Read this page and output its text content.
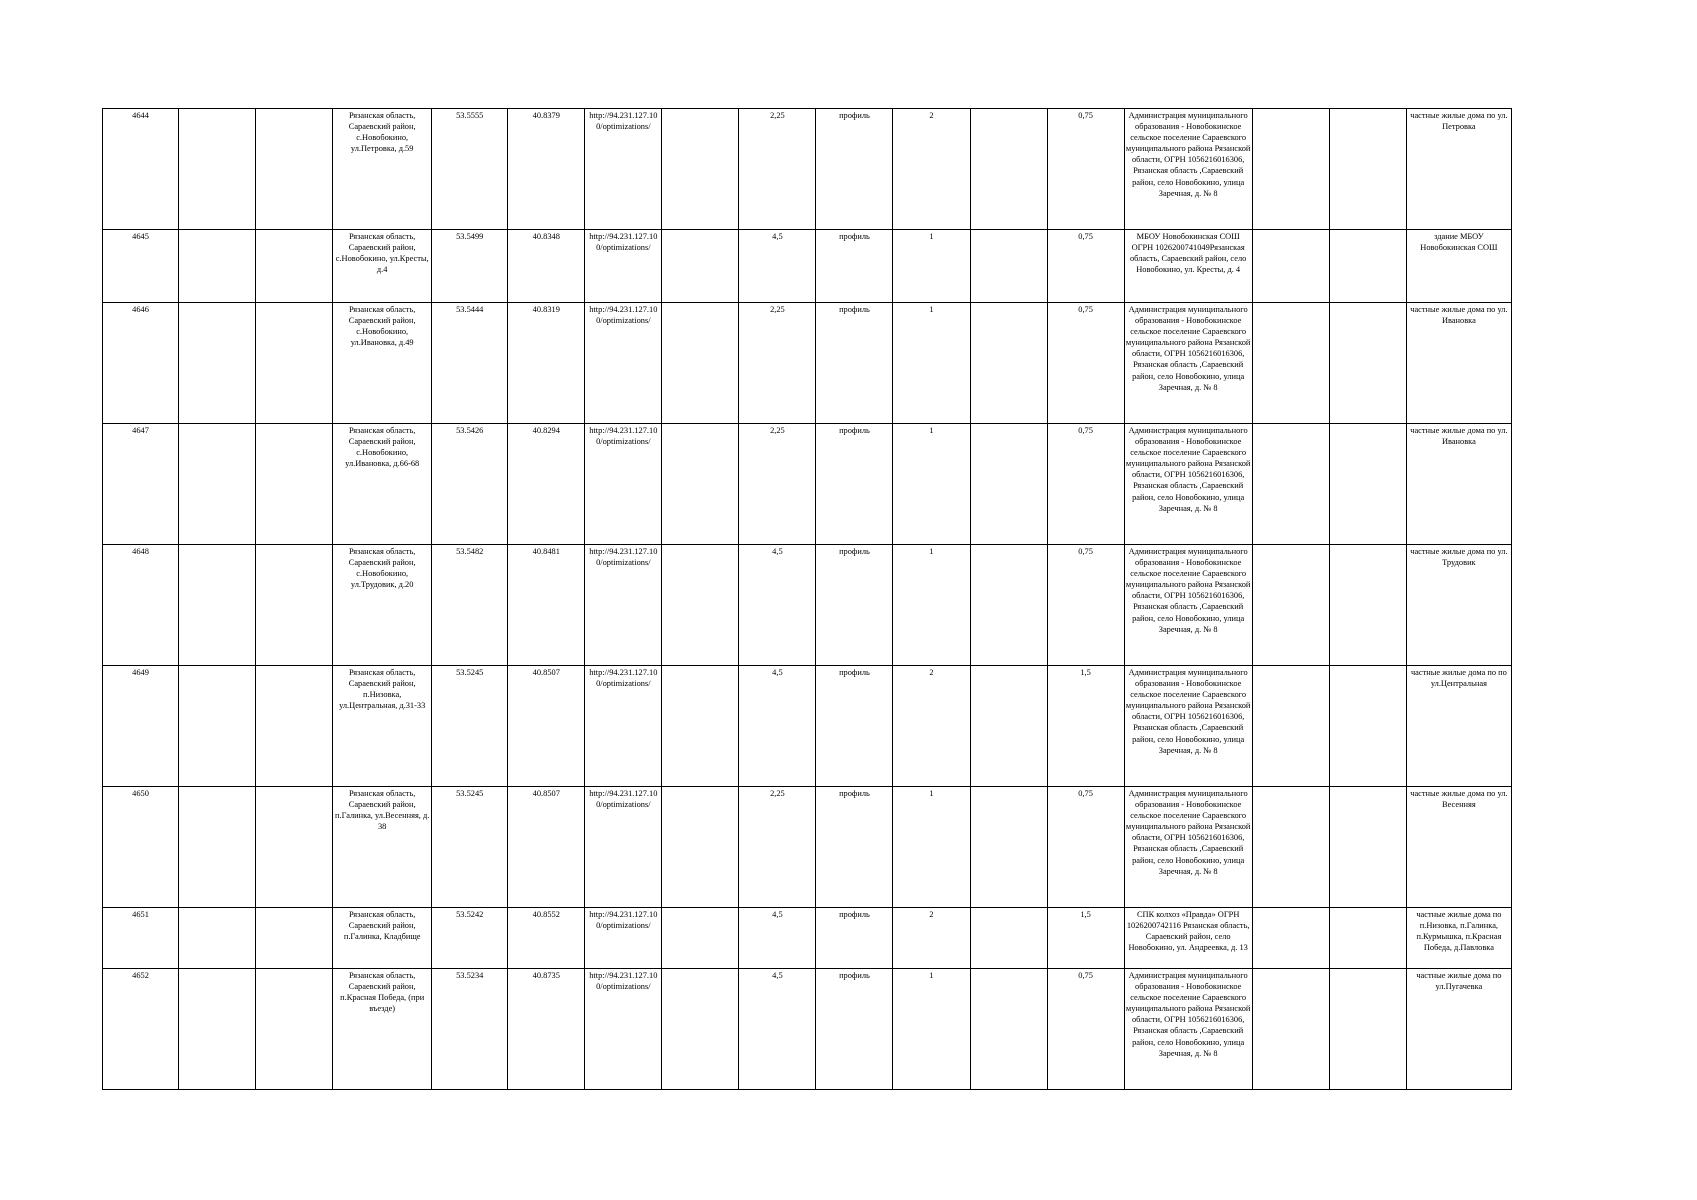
4644			Рязанская область, Сараевский район, с.Новобокино, ул.Петровка, д.59	53.5555	40.8379	http://94.231.127.10 0/optimizations/		2,25	профиль	2		0,75	Администрация муниципального образования - Новобокинское сельское поселение Сараевского муниципального района Рязанской области, ОГРН 1056216016306, Рязанская область ,Сараевский район, село Новобокино, улица Заречная, д. № 8			частные жилые дома по ул. Петровка
4645			Рязанская область, Сараевский район, с.Новобокино, ул.Кресты, д.4	53.5499	40.8348	http://94.231.127.10 0/optimizations/		4,5	профиль	1		0,75	МБОУ Новобокинская СОШ ОГРН 1026200741049Рязанская область, Сараевский район, село Новобокино, ул. Кресты, д. 4			здание МБОУ Новобокинская СОШ
4646			Рязанская область, Сараевский район, с.Новобокино, ул.Ивановка, д.49	53.5444	40.8319	http://94.231.127.10 0/optimizations/		2,25	профиль	1		0,75	Администрация муниципального образования - Новобокинское сельское поселение Сараевского муниципального района Рязанской области, ОГРН 1056216016306, Рязанская область ,Сараевский район, село Новобокино, улица Заречная, д. № 8			частные жилые дома по ул. Ивановка
4647			Рязанская область, Сараевский район, с.Новобокино, ул.Ивановка, д.66-68	53.5426	40.8294	http://94.231.127.10 0/optimizations/		2,25	профиль	1		0,75	Администрация муниципального образования - Новобокинское сельское поселение Сараевского муниципального района Рязанской области, ОГРН 1056216016306, Рязанская область ,Сараевский район, село Новобокино, улица Заречная, д. № 8			частные жилые дома по ул. Ивановка
4648			Рязанская область, Сараевский район, с.Новобокино, ул.Трудовик, д.20	53.5482	40.8481	http://94.231.127.10 0/optimizations/		4,5	профиль	1		0,75	Администрация муниципального образования - Новобокинское сельское поселение Сараевского муниципального района Рязанской области, ОГРН 1056216016306, Рязанская область ,Сараевский район, село Новобокино, улица Заречная, д. № 8			частные жилые дома по ул. Трудовик
4649			Рязанская область, Сараевский район, п.Низовка, ул.Центральная, д.31-33	53.5245	40.8507	http://94.231.127.10 0/optimizations/		4,5	профиль	2		1,5	Администрация муниципального образования - Новобокинское сельское поселение Сараевского муниципального района Рязанской области, ОГРН 1056216016306, Рязанская область ,Сараевский район, село Новобокино, улица Заречная, д. № 8			частные жилые дома по по ул.Центральная
4650			Рязанская область, Сараевский район, п.Галинка, ул.Весенняя, д. 38	53.5245	40.8507	http://94.231.127.10 0/optimizations/		2,25	профиль	1		0,75	Администрация муниципального образования - Новобокинское сельское поселение Сараевского муниципального района Рязанской области, ОГРН 1056216016306, Рязанская область ,Сараевский район, село Новобокино, улица Заречная, д. № 8			частные жилые дома по ул. Весенняя
4651			Рязанская область, Сараевский район, п.Галинка, Кладбище	53.5242	40.8552	http://94.231.127.10 0/optimizations/		4,5	профиль	2		1,5	СПК колхоз «Правда» ОГРН 1026200742116 Рязанская область, Сараевский район, село Новобокино, ул. Андреевка, д. 13			частные жилые дома по п.Низовка, п.Галинка, п.Курмышка, п.Красная Победа, д.Павловка
4652			Рязанская область, Сараевский район, п.Красная Победа, (при въезде)	53.5234	40.8735	http://94.231.127.10 0/optimizations/		4,5	профиль	1		0,75	Администрация муниципального образования - Новобокинское сельское поселение Сараевского муниципального района Рязанской области, ОГРН 1056216016306, Рязанская область ,Сараевский район, село Новобокино, улица Заречная, д. № 8			частные жилые дома по ул.Пугачевка
